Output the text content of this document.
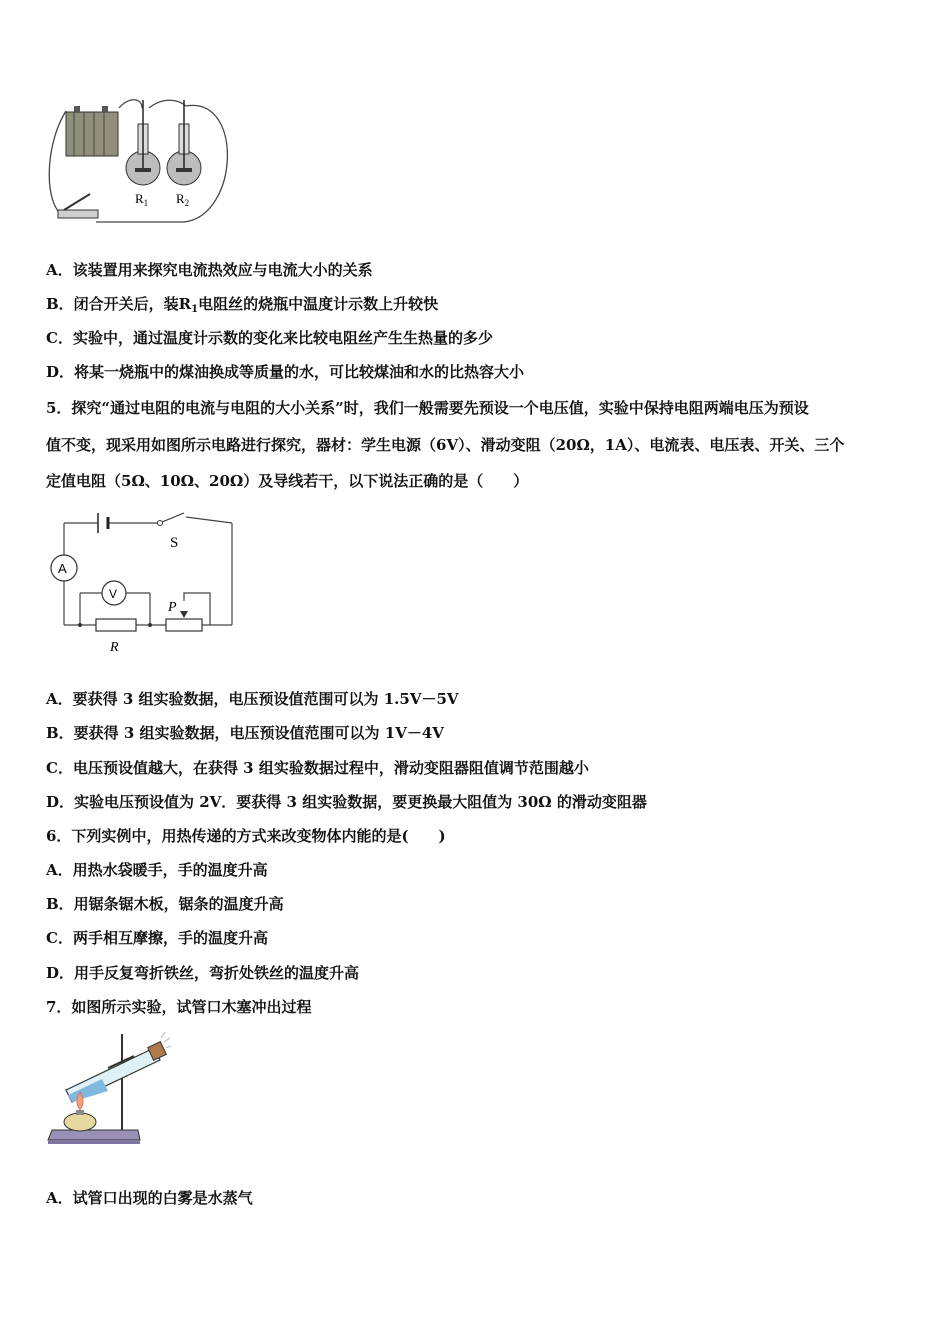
$R_1$ $R_2$
A．该装置用来探究电流热效应与电流大小的关系
B．闭合开关后，装$R_1$电阻丝的烧瓶中温度计示数上升较快
C．实验中，通过温度计示数的变化来比较电阻丝产生生热量的多少
D．将某一烧瓶中的煤油换成等质量的水，可比较煤油和水的比热容大小
5．探究“通过电阻的电流与电阻的大小关系”时，我们一般需要先预设一个电压值，实验中保持电阻两端电压为预设
值不变，现采用如图所示电路进行探究，器材：学生电源（6V）、滑动变阻（20Ω，1A）、电流表、电压表、开关、三个
定值电阻（5Ω、10Ω、20Ω）及导线若干，以下说法正确的是（　　）
S
A
V
R
P
A．要获得 3 组实验数据，电压预设值范围可以为 1.5V－5V
B．要获得 3 组实验数据，电压预设值范围可以为 1V－4V
C．电压预设值越大，在获得 3 组实验数据过程中，滑动变阻器阻值调节范围越小
D．实验电压预设值为 2V．要获得 3 组实验数据，要更换最大阻值为 30Ω 的滑动变阻器
6．下列实例中，用热传递的方式来改变物体内能的是(　　)
A．用热水袋暖手，手的温度升高
B．用锯条锯木板，锯条的温度升高
C．两手相互摩擦，手的温度升高
D．用手反复弯折铁丝，弯折处铁丝的温度升高
7．如图所示实验，试管口木塞冲出过程
A．试管口出现的白雾是水蒸气
